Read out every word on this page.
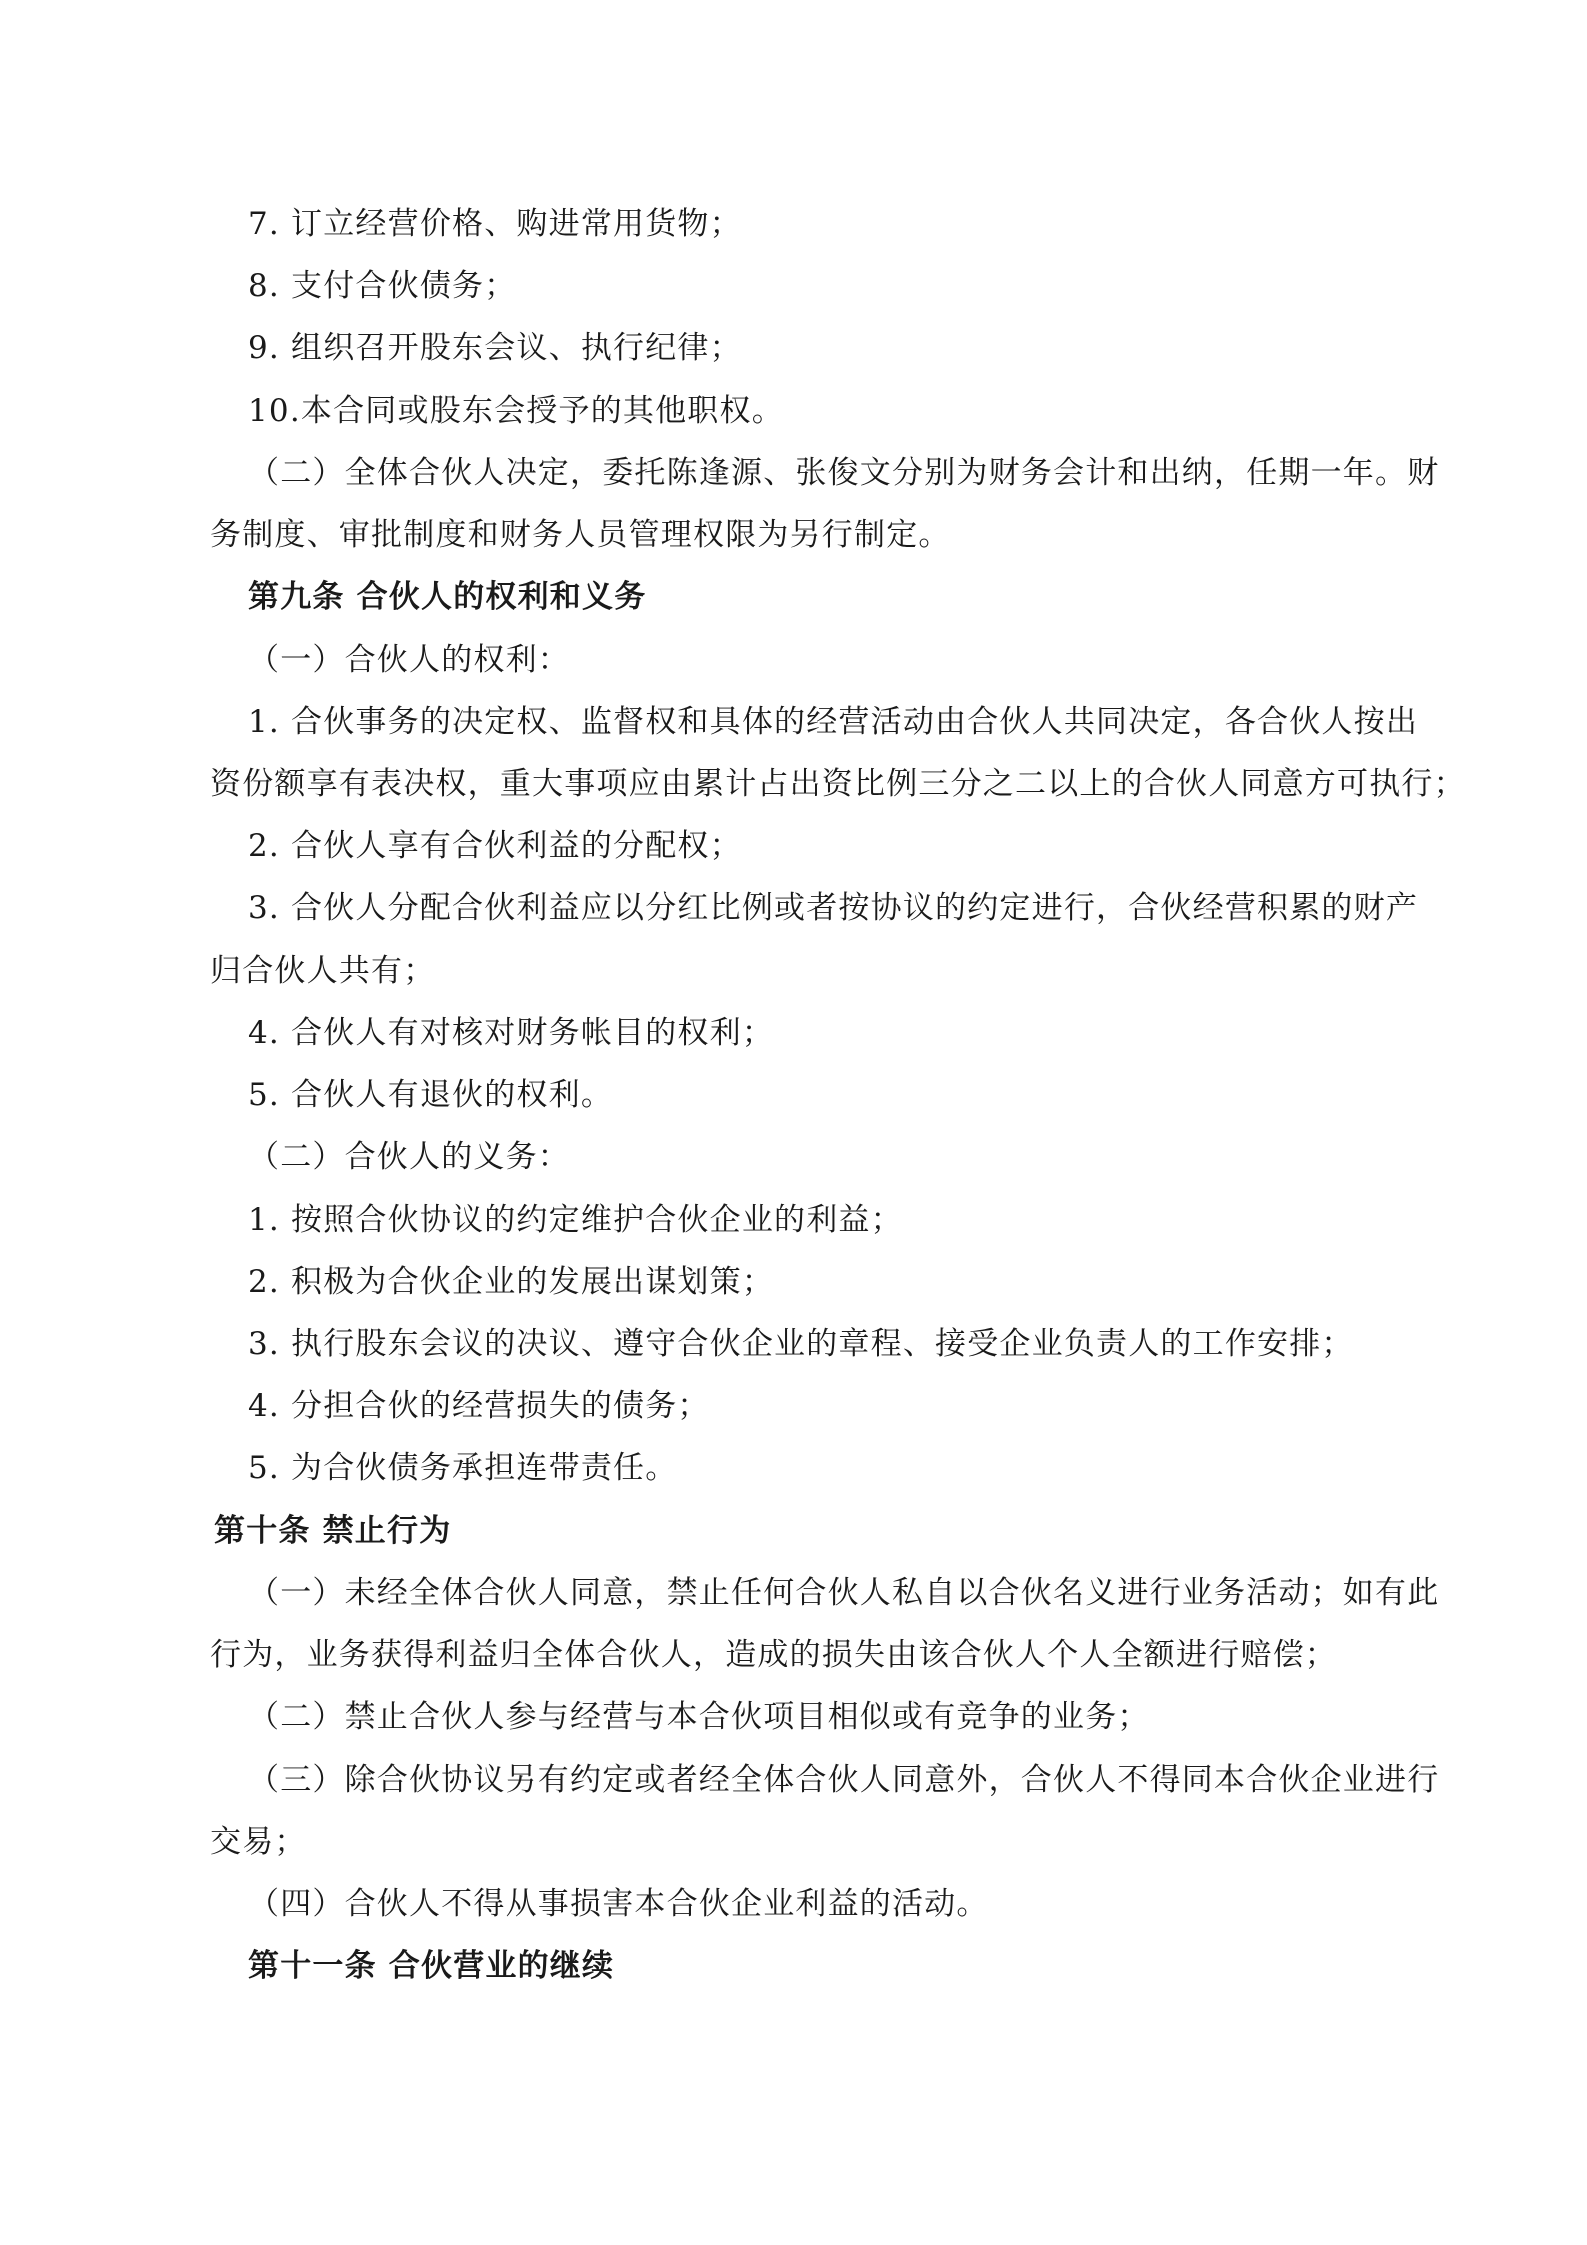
7. 订立经营价格、购进常用货物；
8. 支付合伙债务；
9. 组织召开股东会议、执行纪律；
10.本合同或股东会授予的其他职权。
（二）全体合伙人决定，委托陈逢源、张俊文分别为财务会计和出纳，任期一年。财
务制度、审批制度和财务人员管理权限为另行制定。
第九条 合伙人的权利和义务
（一）合伙人的权利：
1. 合伙事务的决定权、监督权和具体的经营活动由合伙人共同决定，各合伙人按出
资份额享有表决权，重大事项应由累计占出资比例三分之二以上的合伙人同意方可执行；
2. 合伙人享有合伙利益的分配权；
3. 合伙人分配合伙利益应以分红比例或者按协议的约定进行，合伙经营积累的财产
归合伙人共有；
4. 合伙人有对核对财务帐目的权利；
5. 合伙人有退伙的权利。
（二）合伙人的义务：
1. 按照合伙协议的约定维护合伙企业的利益；
2. 积极为合伙企业的发展出谋划策；
3. 执行股东会议的决议、遵守合伙企业的章程、接受企业负责人的工作安排；
4. 分担合伙的经营损失的债务；
5. 为合伙债务承担连带责任。
第十条 禁止行为
（一）未经全体合伙人同意，禁止任何合伙人私自以合伙名义进行业务活动；如有此
行为，业务获得利益归全体合伙人，造成的损失由该合伙人个人全额进行赔偿；
（二）禁止合伙人参与经营与本合伙项目相似或有竞争的业务；
（三）除合伙协议另有约定或者经全体合伙人同意外，合伙人不得同本合伙企业进行
交易；
（四）合伙人不得从事损害本合伙企业利益的活动。
第十一条 合伙营业的继续
